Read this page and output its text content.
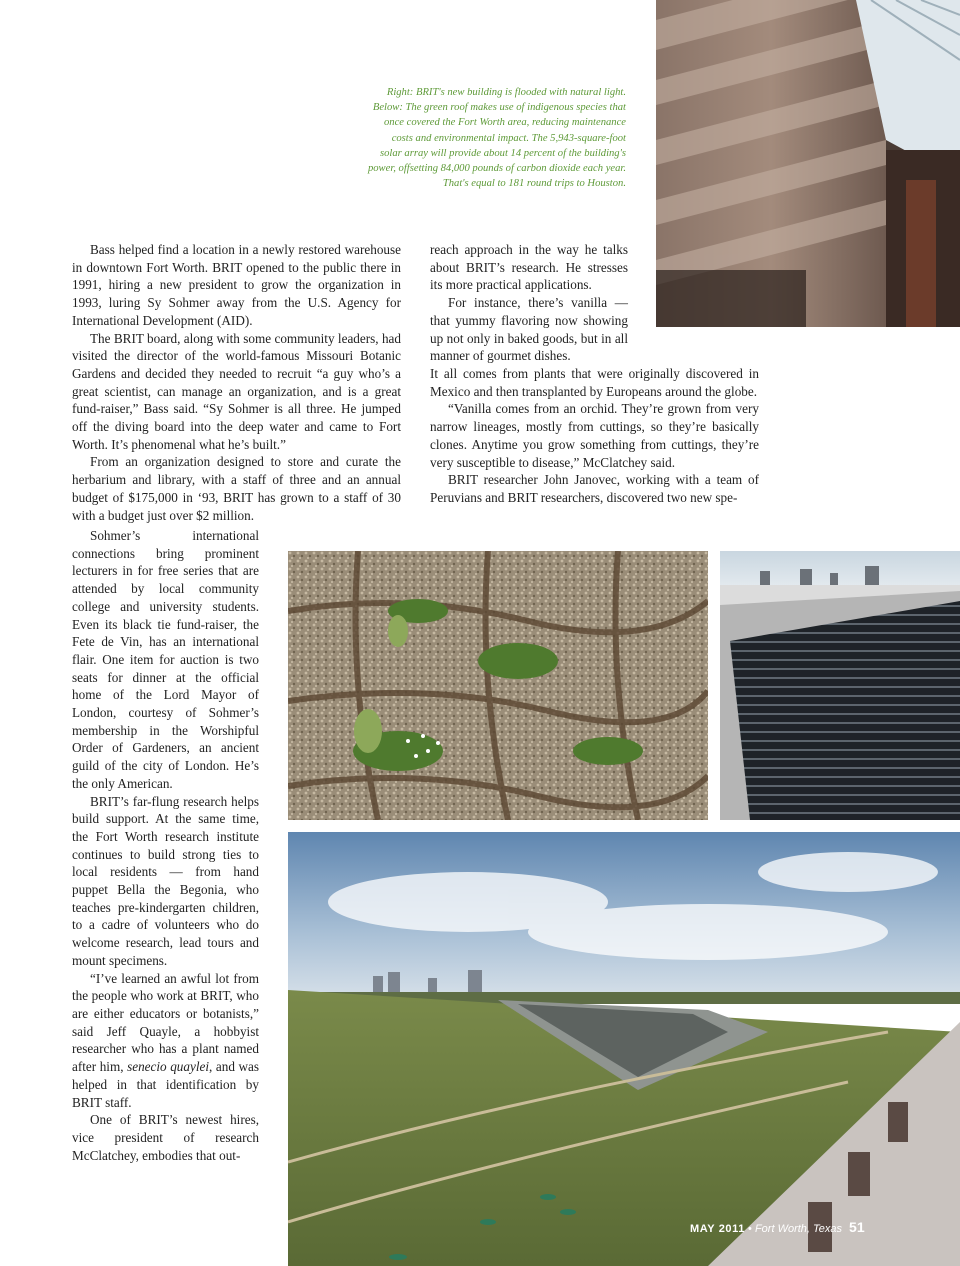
Right: BRIT's new building is flooded with natural light.

Below: The green roof makes use of indigenous species that

once covered the Fort Worth area, reducing maintenance

costs and environmental impact. The 5,943-square-foot

solar array will provide about 14 percent of the building's

power, offsetting 84,000 pounds of carbon dioxide each year.

That's equal to 181 round trips to Houston.

Bass helped find a location in a newly restored warehouse in downtown Fort Worth. BRIT opened to the public there in 1991, hiring a new president to grow the organization in 1993, luring Sy Sohmer away from the U.S. Agency for International Development (AID).

The BRIT board, along with some community leaders, had visited the director of the world-famous Missouri Botanic Gardens and decided they needed to recruit “a guy who’s a great scientist, can manage an organization, and is a great fund-raiser,” Bass said. “Sy Sohmer is all three. He jumped off the diving board into the deep water and came to Fort Worth. It’s phenomenal what he’s built.”

From an organization designed to store and curate the herbarium and library, with a staff of three and an annual budget of $175,000 in ‘93, BRIT has grown to a staff of 30 with a budget just over $2 million.

Sohmer’s international connections bring prominent lecturers in for free series that are attended by local community college and university students. Even its black tie fund-raiser, the Fete de Vin, has an international flair. One item for auction is two seats for dinner at the official home of the Lord Mayor of London, courtesy of Sohmer’s membership in the Worshipful Order of Gardeners, an ancient guild of the city of London. He’s the only American.

BRIT’s far-flung research helps build support. At the same time, the Fort Worth research institute continues to build strong ties to local residents — from hand puppet Bella the Begonia, who teaches pre-kindergarten children, to a cadre of volunteers who do welcome research, lead tours and mount specimens.

“I’ve learned an awful lot from the people who work at BRIT, who are either educators or botanists,” said Jeff Quayle, a hobbyist researcher who has a plant named after him, senecio quaylei, and was helped in that identification by BRIT staff.

One of BRIT’s newest hires, vice president of research McClatchey, embodies that out-

reach approach in the way he talks about BRIT’s research. He stresses its more practical applications.

For instance, there’s vanilla — that yummy flavoring now showing up not only in baked goods, but in all manner of gourmet dishes.

It all comes from plants that were originally discovered in Mexico and then transplanted by Europeans around the globe.

“Vanilla comes from an orchid. They’re grown from very narrow lineages, mostly from cuttings, so they’re basically clones. Anytime you grow something from cuttings, they’re very susceptible to disease,” McClatchey said.

BRIT researcher John Janovec, working with a team of Peruvians and BRIT researchers, discovered two new spe-

MAY 2011 • Fort Worth, Texas 51
